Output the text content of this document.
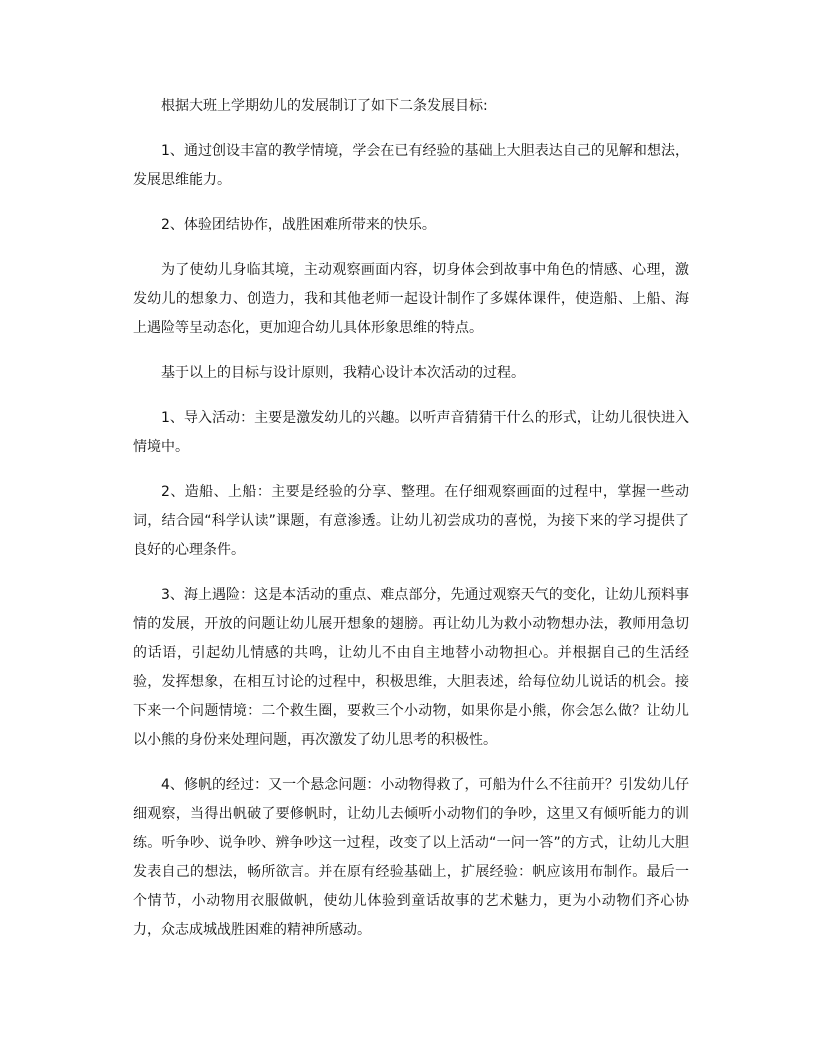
根据大班上学期幼儿的发展制订了如下二条发展目标:

1、通过创设丰富的教学情境，学会在已有经验的基础上大胆表达自己的见解和想法，发展思维能力。

2、体验团结协作，战胜困难所带来的快乐。

为了使幼儿身临其境，主动观察画面内容，切身体会到故事中角色的情感、心理，激发幼儿的想象力、创造力，我和其他老师一起设计制作了多媒体课件，使造船、上船、海上遇险等呈动态化，更加迎合幼儿具体形象思维的特点。

基于以上的目标与设计原则，我精心设计本次活动的过程。

1、导入活动：主要是激发幼儿的兴趣。以听声音猜猜干什么的形式，让幼儿很快进入情境中。

2、造船、上船：主要是经验的分享、整理。在仔细观察画面的过程中，掌握一些动词，结合园“科学认读”课题，有意渗透。让幼儿初尝成功的喜悦，为接下来的学习提供了良好的心理条件。

3、海上遇险：这是本活动的重点、难点部分，先通过观察天气的变化，让幼儿预料事情的发展，开放的问题让幼儿展开想象的翅膀。再让幼儿为救小动物想办法，教师用急切的话语，引起幼儿情感的共鸣，让幼儿不由自主地替小动物担心。并根据自己的生活经验，发挥想象，在相互讨论的过程中，积极思维，大胆表述，给每位幼儿说话的机会。接下来一个问题情境：二个救生圈，要救三个小动物，如果你是小熊，你会怎么做？让幼儿以小熊的身份来处理问题，再次激发了幼儿思考的积极性。

4、修帆的经过：又一个悬念问题：小动物得救了，可船为什么不往前开？引发幼儿仔细观察，当得出帆破了要修帆时，让幼儿去倾听小动物们的争吵，这里又有倾听能力的训练。听争吵、说争吵、辨争吵这一过程，改变了以上活动“一问一答”的方式，让幼儿大胆发表自己的想法，畅所欲言。并在原有经验基础上，扩展经验：帆应该用布制作。最后一个情节，小动物用衣服做帆，使幼儿体验到童话故事的艺术魅力，更为小动物们齐心协力，众志成城战胜困难的精神所感动。
